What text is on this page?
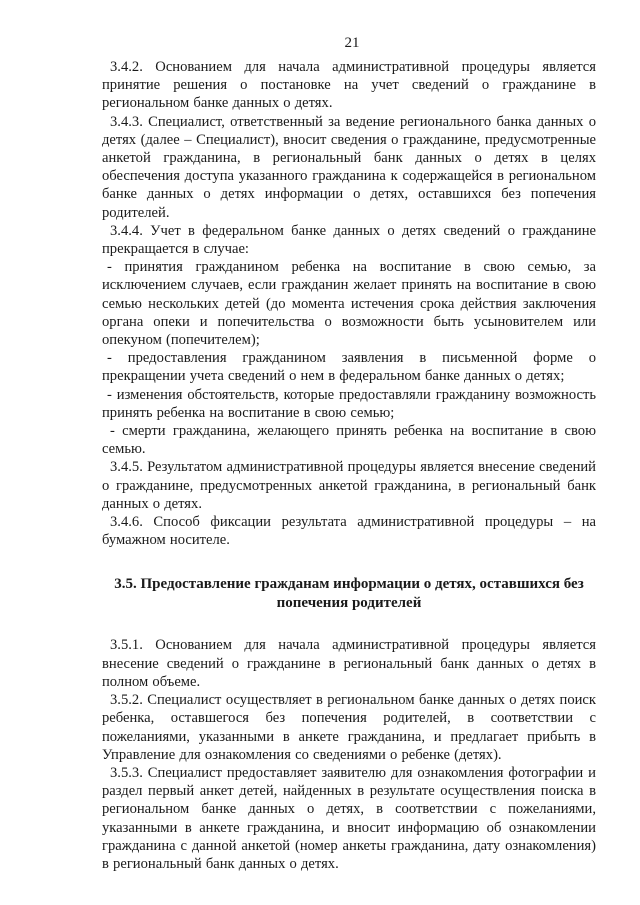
21

3.4.2. Основанием для начала административной процедуры является принятие решения о постановке на учет сведений о гражданине в региональном банке данных о детях.

3.4.3. Специалист, ответственный за ведение регионального банка данных о детях (далее – Специалист), вносит сведения о гражданине, предусмотренные анкетой гражданина, в региональный банк данных о детях в целях обеспечения доступа указанного гражданина к содержащейся в региональном банке данных о детях информации о детях, оставшихся без попечения родителей.

3.4.4. Учет в федеральном банке данных о детях сведений о гражданине прекращается в случае:

- принятия гражданином ребенка на воспитание в свою семью, за исключением случаев, если гражданин желает принять на воспитание в свою семью нескольких детей (до момента истечения срока действия заключения органа опеки и попечительства о возможности быть усыновителем или опекуном (попечителем);

- предоставления гражданином заявления в письменной форме о прекращении учета сведений о нем в федеральном банке данных о детях;

- изменения обстоятельств, которые предоставляли гражданину возможность принять ребенка на воспитание в свою семью;

- смерти гражданина, желающего принять ребенка на воспитание в свою семью.

3.4.5. Результатом административной процедуры является внесение сведений о гражданине, предусмотренных анкетой гражданина, в региональный банк данных о детях.

3.4.6. Способ фиксации результата административной процедуры – на бумажном носителе.

3.5. Предоставление гражданам информации о детях, оставшихся без попечения родителей

3.5.1. Основанием для начала административной процедуры является внесение сведений о гражданине в региональный банк данных о детях в полном объеме.

3.5.2. Специалист осуществляет в региональном банке данных о детях поиск ребенка, оставшегося без попечения родителей, в соответствии с пожеланиями, указанными в анкете гражданина, и предлагает прибыть в Управление для ознакомления со сведениями о ребенке (детях).

3.5.3. Специалист предоставляет заявителю для ознакомления фотографии и раздел первый анкет детей, найденных в результате осуществления поиска в региональном банке данных о детях, в соответствии с пожеланиями, указанными в анкете гражданина, и вносит информацию об ознакомлении гражданина с данной анкетой (номер анкеты гражданина, дату ознакомления) в региональный банк данных о детях.
